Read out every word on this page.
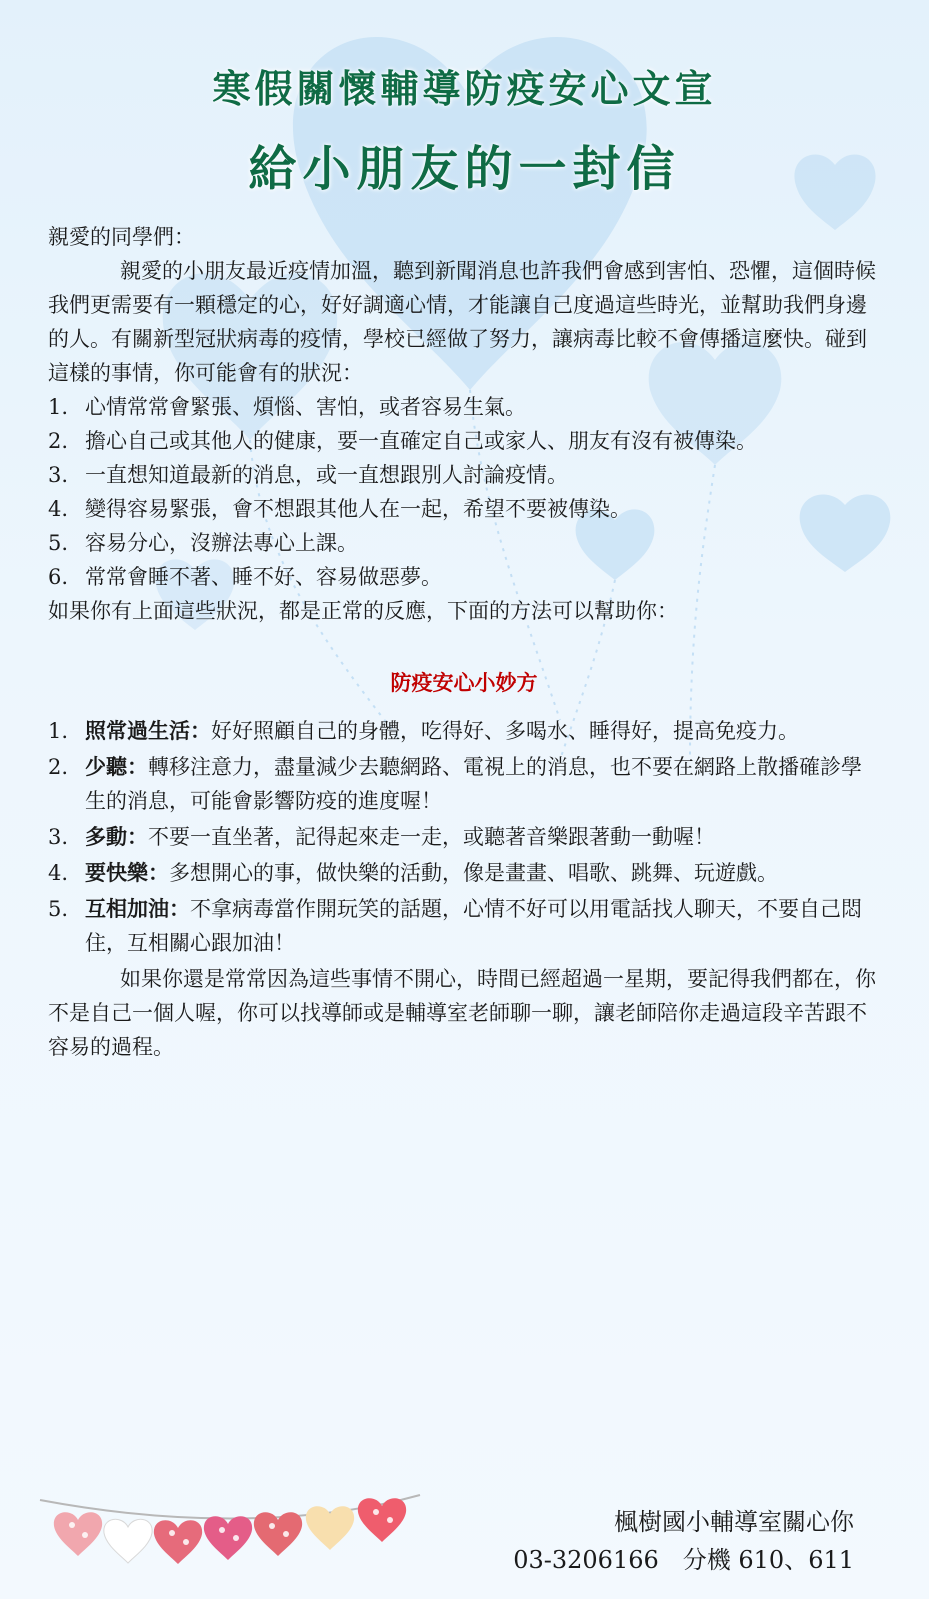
寒假關懷輔導防疫安心文宣
給小朋友的一封信

親愛的同學們：

親愛的小朋友最近疫情加溫，聽到新聞消息也許我們會感到害怕、恐懼，這個時候我們更需要有一顆穩定的心，好好調適心情，才能讓自己度過這些時光，並幫助我們身邊的人。有關新型冠狀病毒的疫情，學校已經做了努力，讓病毒比較不會傳播這麼快。碰到這樣的事情，你可能會有的狀況：

1. 心情常常會緊張、煩惱、害怕，或者容易生氣。
2. 擔心自己或其他人的健康，要一直確定自己或家人、朋友有沒有被傳染。
3. 一直想知道最新的消息，或一直想跟別人討論疫情。
4. 變得容易緊張，會不想跟其他人在一起，希望不要被傳染。
5. 容易分心，沒辦法專心上課。
6. 常常會睡不著、睡不好、容易做惡夢。

如果你有上面這些狀況，都是正常的反應，下面的方法可以幫助你：

防疫安心小妙方
1. 照常過生活：好好照顧自己的身體，吃得好、多喝水、睡得好，提高免疫力。
2. 少聽：轉移注意力，盡量減少去聽網路、電視上的消息，也不要在網路上散播確診學生的消息，可能會影響防疫的進度喔！
3. 多動：不要一直坐著，記得起來走一走，或聽著音樂跟著動一動喔！
4. 要快樂：多想開心的事，做快樂的活動，像是畫畫、唱歌、跳舞、玩遊戲。
5. 互相加油：不拿病毒當作開玩笑的話題，心情不好可以用電話找人聊天，不要自己悶住，互相關心跟加油！

如果你還是常常因為這些事情不開心，時間已經超過一星期，要記得我們都在，你不是自己一個人喔，你可以找導師或是輔導室老師聊一聊，讓老師陪你走過這段辛苦跟不容易的過程。

楓樹國小輔導室關心你
03-3206166　分機 610、611
